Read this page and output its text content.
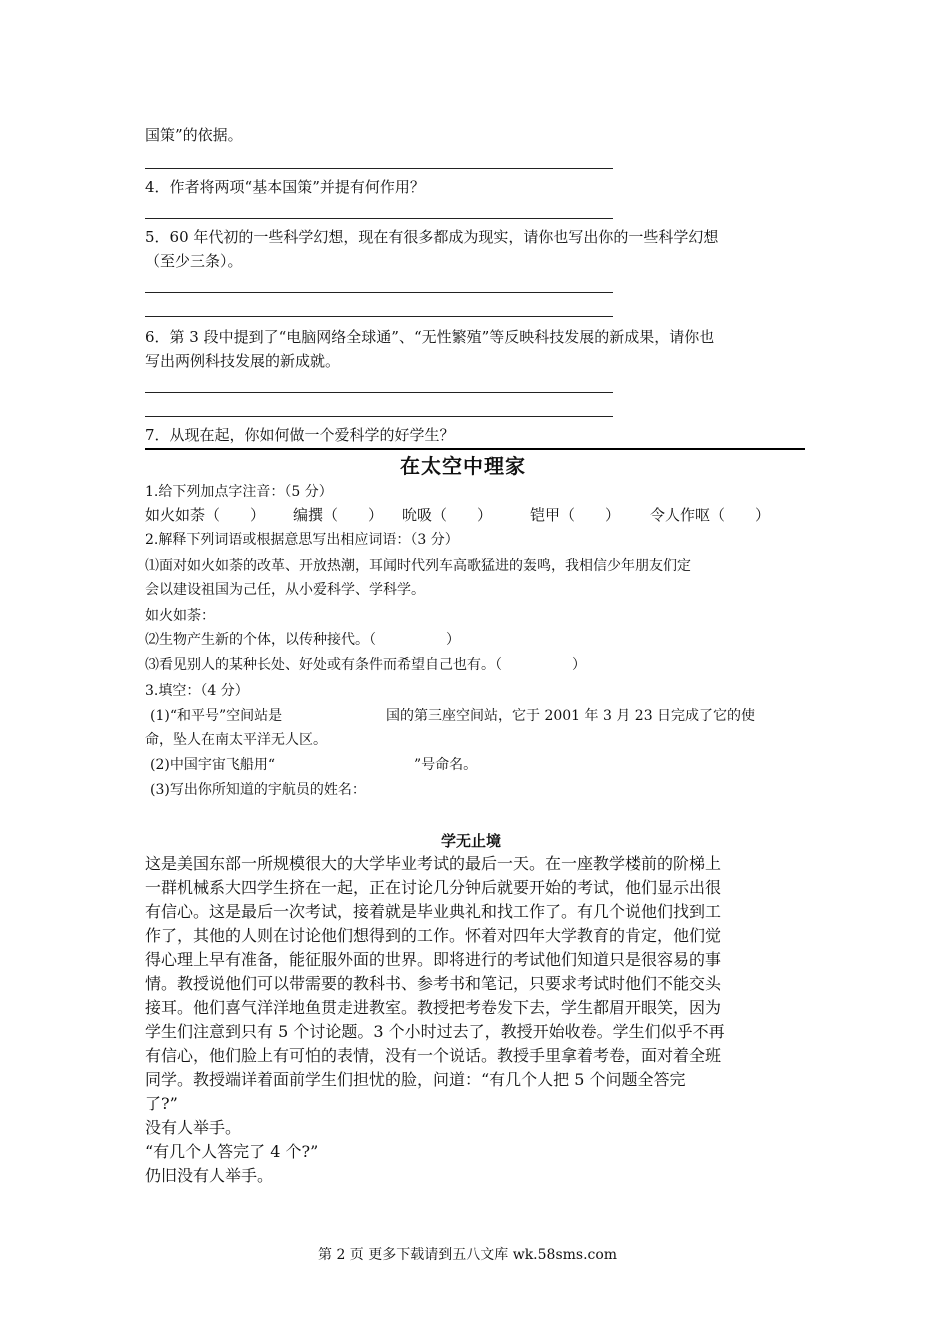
国策”的依据。
4．作者将两项“基本国策”并提有何作用？
5．60 年代初的一些科学幻想，现在有很多都成为现实，请你也写出你的一些科学幻想
（至少三条）。
6．第 3 段中提到了“电脑网络全球通”、“无性繁殖”等反映科技发展的新成果，请你也
写出两例科技发展的新成就。
7．从现在起，你如何做一个爱科学的好学生？
在太空中理家
1.给下列加点字注音：（5 分）
如火如荼（　　） 编撰（　　） 吮吸（　　）	铠甲（　　） 令人作呕（　　）
2.解释下列词语或根据意思写出相应词语：（3 分）
⑴面对如火如荼的改革、开放热潮，耳闻时代列车高歌猛进的轰鸣，我相信少年朋友们定
会以建设祖国为己任，从小爱科学、学科学。
如火如荼：
⑵生物产生新的个体，以传种接代。（　　　　　）
⑶看见别人的某种长处、好处或有条件而希望自己也有。（　　　　　）
3.填空：（4 分）
(1)“和平号”空间站是	国的第三座空间站，它于 2001 年 3 月 23 日完成了它的使
命，坠人在南太平洋无人区。
(2)中国宇宙飞船用“	”号命名。
(3)写出你所知道的宇航员的姓名：
学无止境
这是美国东部一所规模很大的大学毕业考试的最后一天。在一座教学楼前的阶梯上
一群机械系大四学生挤在一起，正在讨论几分钟后就要开始的考试，他们显示出很
有信心。这是最后一次考试，接着就是毕业典礼和找工作了。有几个说他们找到工
作了，其他的人则在讨论他们想得到的工作。怀着对四年大学教育的肯定，他们觉
得心理上早有准备，能征服外面的世界。即将进行的考试他们知道只是很容易的事
情。教授说他们可以带需要的教科书、参考书和笔记，只要求考试时他们不能交头
接耳。他们喜气洋洋地鱼贯走进教室。教授把考卷发下去，学生都眉开眼笑，因为
学生们注意到只有 5 个讨论题。3 个小时过去了，教授开始收卷。学生们似乎不再
有信心，他们脸上有可怕的表情，没有一个说话。教授手里拿着考卷，面对着全班
同学。教授端详着面前学生们担忧的脸，问道：“有几个人把 5 个问题全答完
了?”
没有人举手。
“有几个人答完了 4 个?”
仍旧没有人举手。
第 2 页 更多下载请到五八文库 wk.58sms.com
